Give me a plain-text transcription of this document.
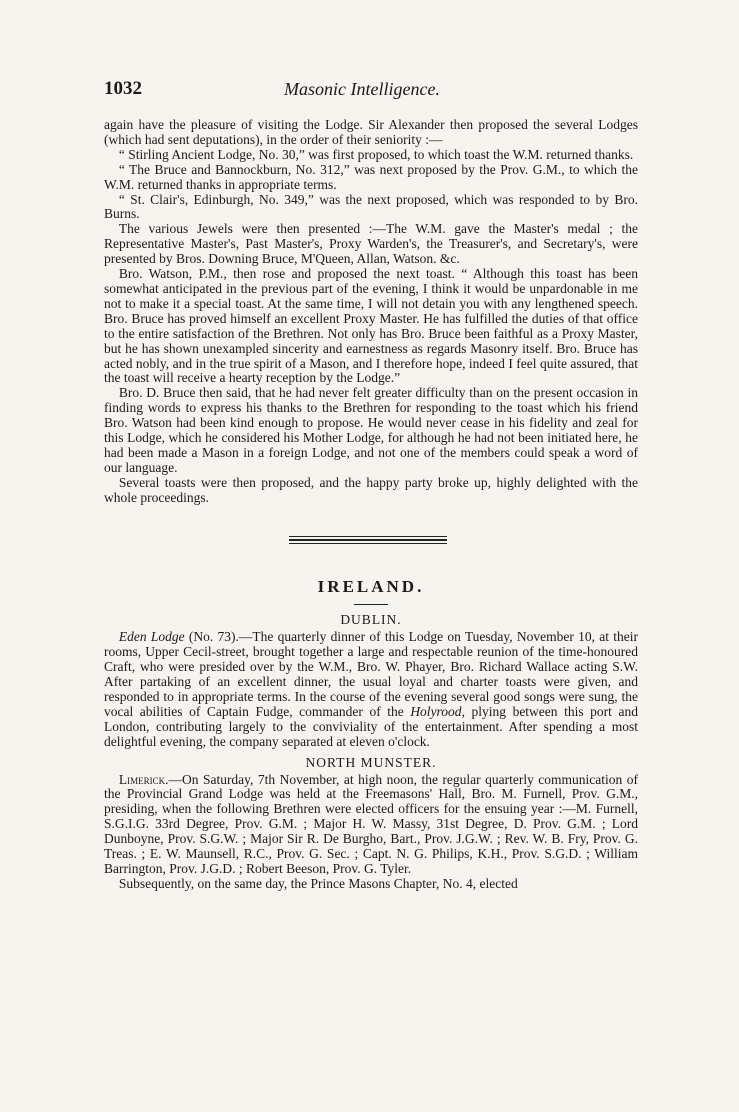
1032	Masonic Intelligence.

again have the pleasure of visiting the Lodge. Sir Alexander then proposed the several Lodges (which had sent deputations), in the order of their seniority :—

“ Stirling Ancient Lodge, No. 30,” was first proposed, to which toast the W.M. returned thanks.

“ The Bruce and Bannockburn, No. 312,” was next proposed by the Prov. G.M., to which the W.M. returned thanks in appropriate terms.

“ St. Clair's, Edinburgh, No. 349,” was the next proposed, which was responded to by Bro. Burns.

The various Jewels were then presented :—The W.M. gave the Master's medal ; the Representative Master's, Past Master's, Proxy Warden's, the Treasurer's, and Secretary's, were presented by Bros. Downing Bruce, M'Queen, Allan, Watson. &c.

Bro. Watson, P.M., then rose and proposed the next toast. “ Although this toast has been somewhat anticipated in the previous part of the evening, I think it would be unpardonable in me not to make it a special toast. At the same time, I will not detain you with any lengthened speech. Bro. Bruce has proved himself an excellent Proxy Master. He has fulfilled the duties of that office to the entire satisfaction of the Brethren. Not only has Bro. Bruce been faithful as a Proxy Master, but he has shown unexampled sincerity and earnestness as regards Masonry itself. Bro. Bruce has acted nobly, and in the true spirit of a Mason, and I therefore hope, indeed I feel quite assured, that the toast will receive a hearty reception by the Lodge.”

Bro. D. Bruce then said, that he had never felt greater difficulty than on the present occasion in finding words to express his thanks to the Brethren for responding to the toast which his friend Bro. Watson had been kind enough to propose. He would never cease in his fidelity and zeal for this Lodge, which he considered his Mother Lodge, for although he had not been initiated here, he had been made a Mason in a foreign Lodge, and not one of the members could speak a word of our language.

Several toasts were then proposed, and the happy party broke up, highly delighted with the whole proceedings.

IRELAND.
DUBLIN.

Eden Lodge (No. 73).—The quarterly dinner of this Lodge on Tuesday, November 10, at their rooms, Upper Cecil-street, brought together a large and respectable reunion of the time-honoured Craft, who were presided over by the W.M., Bro. W. Phayer, Bro. Richard Wallace acting S.W. After partaking of an excellent dinner, the usual loyal and charter toasts were given, and responded to in appropriate terms. In the course of the evening several good songs were sung, the vocal abilities of Captain Fudge, commander of the Holyrood, plying between this port and London, contributing largely to the conviviality of the entertainment. After spending a most delightful evening, the company separated at eleven o'clock.

NORTH MUNSTER.

Limerick.—On Saturday, 7th November, at high noon, the regular quarterly communication of the Provincial Grand Lodge was held at the Freemasons' Hall, Bro. M. Furnell, Prov. G.M., presiding, when the following Brethren were elected officers for the ensuing year :—M. Furnell, S.G.I.G. 33rd Degree, Prov. G.M. ; Major H. W. Massy, 31st Degree, D. Prov. G.M. ; Lord Dunboyne, Prov. S.G.W. ; Major Sir R. De Burgho, Bart., Prov. J.G.W. ; Rev. W. B. Fry, Prov. G. Treas. ; E. W. Maunsell, R.C., Prov. G. Sec. ; Capt. N. G. Philips, K.H., Prov. S.G.D. ; William Barrington, Prov. J.G.D. ; Robert Beeson, Prov. G. Tyler.

Subsequently, on the same day, the Prince Masons Chapter, No. 4, elected
